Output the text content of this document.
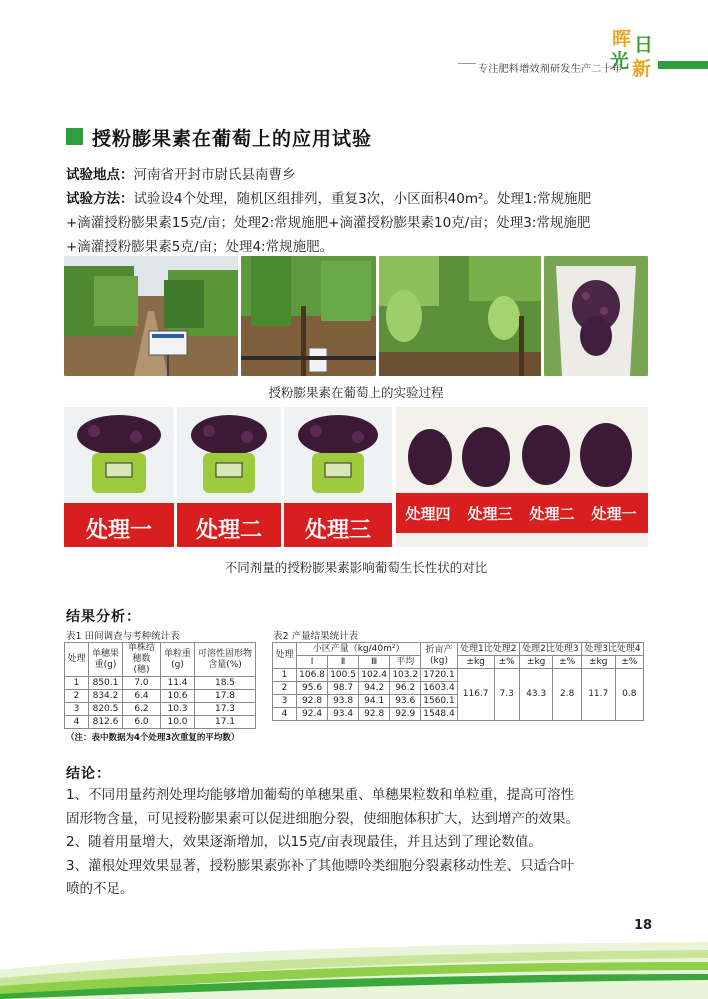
专注肥料增效剂研发生产二十年
晖 日
光 新
授粉膨果素在葡萄上的应用试验
试验地点：河南省开封市尉氏县南曹乡
试验方法：试验设4个处理，随机区组排列，重复3次，小区面积40m²。处理1:常规施肥
+滴灌授粉膨果素15克/亩；处理2:常规施肥+滴灌授粉膨果素10克/亩；处理3:常规施肥
+滴灌授粉膨果素5克/亩；处理4:常规施肥。
授粉膨果素在葡萄上的实验过程
处理一 处理二 处理三
处理四 处理三 处理二 处理一
不同剂量的授粉膨果素影响葡萄生长性状的对比
结果分析：
表1 田间调查与考种统计表
处理	单穗果重(g)	单株结穗数(穗)	单粒重(g)	可溶性固形物含量(%)
1	850.1	7.0	11.4	18.5
2	834.2	6.4	10.6	17.8
3	820.5	6.2	10.3	17.3
4	812.6	6.0	10.0	17.1
表2 产量结果统计表
处理	小区产量（kg/40m²）				折亩产(kg)	处理1比处理2		处理2比处理3		处理3比处理4	
	Ⅰ	Ⅱ	Ⅲ	平均		±kg	±%	±kg	±%	±kg	±%
1	106.8	100.5	102.4	103.2	1720.1	116.7	7.3	43.3	2.8	11.7	0.8
2	95.6	98.7	94.2	96.2	1603.4						
3	92.8	93.8	94.1	93.6	1560.1						
4	92.4	93.4	92.8	92.9	1548.4						
（注：表中数据为4个处理3次重复的平均数）
结论：
1、不同用量药剂处理均能够增加葡萄的单穗果重、单穗果粒数和单粒重，提高可溶性
固形物含量，可见授粉膨果素可以促进细胞分裂，使细胞体积扩大，达到增产的效果。
2、随着用量增大，效果逐渐增加，以15克/亩表现最佳，并且达到了理论数值。
3、灌根处理效果显著，授粉膨果素弥补了其他嘌呤类细胞分裂素移动性差、只适合叶
喷的不足。
18
